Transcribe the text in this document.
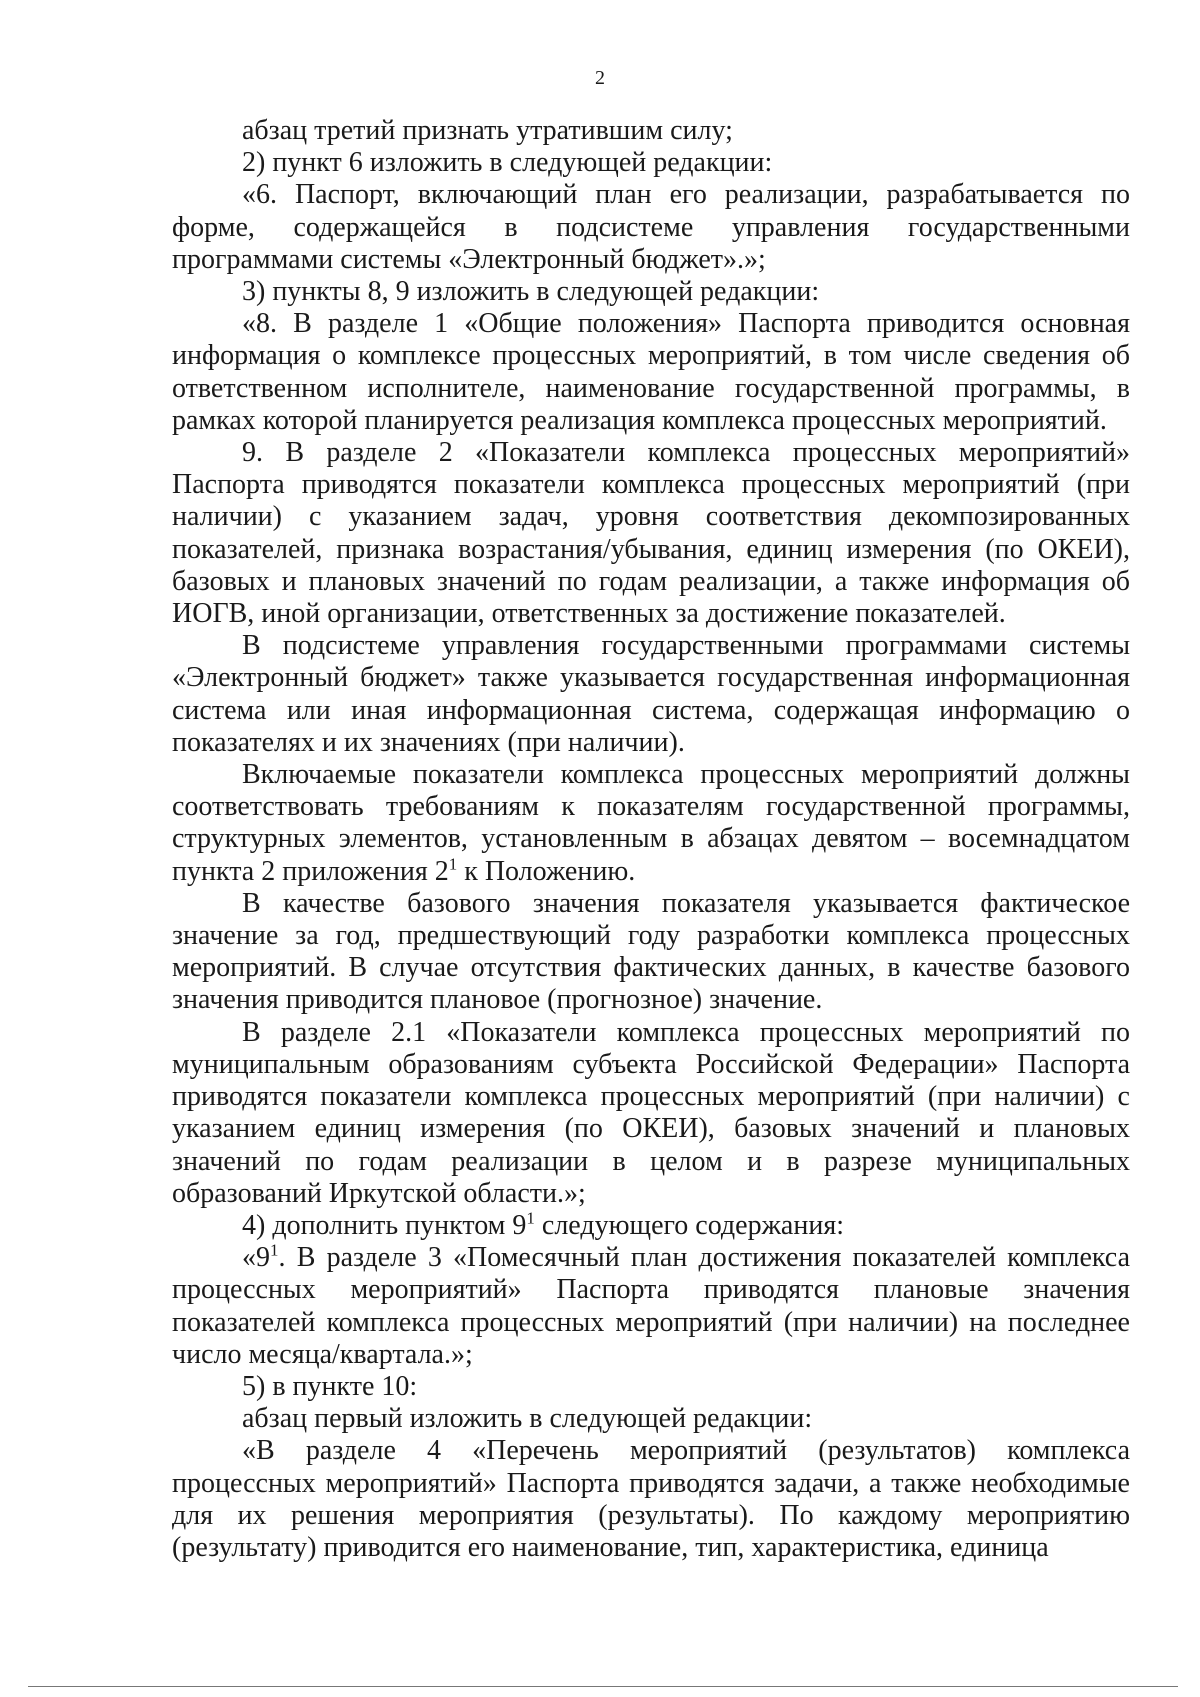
2

абзац третий признать утратившим силу;

2) пункт 6 изложить в следующей редакции:

«6. Паспорт, включающий план его реализации, разрабатывается по форме, содержащейся в подсистеме управления государственными программами системы «Электронный бюджет».»;

3) пункты 8, 9 изложить в следующей редакции:

«8. В разделе 1 «Общие положения» Паспорта приводится основная информация о комплексе процессных мероприятий, в том числе сведения об ответственном исполнителе, наименование государственной программы, в рамках которой планируется реализация комплекса процессных мероприятий.

9. В разделе 2 «Показатели комплекса процессных мероприятий» Паспорта приводятся показатели комплекса процессных мероприятий (при наличии) с указанием задач, уровня соответствия декомпозированных показателей, признака возрастания/убывания, единиц измерения (по ОКЕИ), базовых и плановых значений по годам реализации, а также информация об ИОГВ, иной организации, ответственных за достижение показателей.

В подсистеме управления государственными программами системы «Электронный бюджет» также указывается государственная информационная система или иная информационная система, содержащая информацию о показателях и их значениях (при наличии).

Включаемые показатели комплекса процессных мероприятий должны соответствовать требованиям к показателям государственной программы, структурных элементов, установленным в абзацах девятом – восемнадцатом пункта 2 приложения $2^1$ к Положению.

В качестве базового значения показателя указывается фактическое значение за год, предшествующий году разработки комплекса процессных мероприятий. В случае отсутствия фактических данных, в качестве базового значения приводится плановое (прогнозное) значение.

В разделе 2.1 «Показатели комплекса процессных мероприятий по муниципальным образованиям субъекта Российской Федерации» Паспорта приводятся показатели комплекса процессных мероприятий (при наличии) с указанием единиц измерения (по ОКЕИ), базовых значений и плановых значений по годам реализации в целом и в разрезе муниципальных образований Иркутской области.»;

4) дополнить пунктом $9^1$ следующего содержания:

«$9^1$. В разделе 3 «Помесячный план достижения показателей комплекса процессных мероприятий» Паспорта приводятся плановые значения показателей комплекса процессных мероприятий (при наличии) на последнее число месяца/квартала.»;

5) в пункте 10:

абзац первый изложить в следующей редакции:

«В разделе 4 «Перечень мероприятий (результатов) комплекса процессных мероприятий» Паспорта приводятся задачи, а также необходимые для их решения мероприятия (результаты). По каждому мероприятию (результату) приводится его наименование, тип, характеристика, единица
